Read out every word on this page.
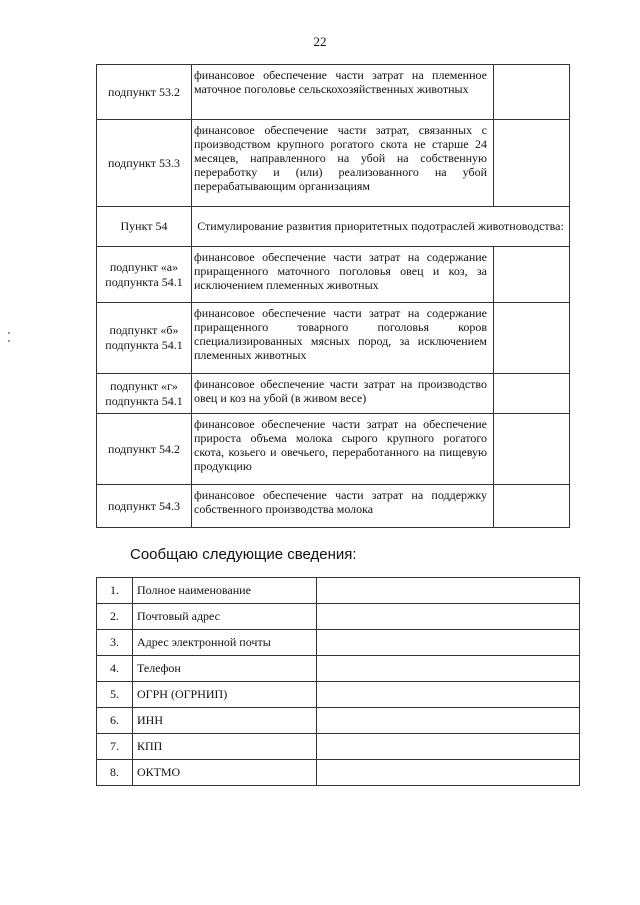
22
подпункт 53.2	финансовое обеспечение части затрат на племенное маточное поголовье сельскохозяйственных животных	
подпункт 53.3	финансовое обеспечение части затрат, связанных с производством крупного рогатого скота не старше 24 месяцев, направленного на убой на собственную переработку и (или) реализованного на убой перерабатывающим организациям	
Пункт 54	Стимулирование развития приоритетных подотраслей животноводства:	
подпункт «а» подпункта 54.1	финансовое обеспечение части затрат на содержание приращенного маточного поголовья овец и коз, за исключением племенных животных	
подпункт «б» подпункта 54.1	финансовое обеспечение части затрат на содержание приращенного товарного поголовья коров специализированных мясных пород, за исключением племенных животных	
подпункт «г» подпункта 54.1	финансовое обеспечение части затрат на производство овец и коз на убой (в живом весе)	
подпункт 54.2	финансовое обеспечение части затрат на обеспечение прироста объема молока сырого крупного рогатого скота, козьего и овечьего, переработанного на пищевую продукцию	
подпункт 54.3	финансовое обеспечение части затрат на поддержку собственного производства молока	
Сообщаю следующие сведения:
1.	Полное наименование	
2.	Почтовый адрес	
3.	Адрес электронной почты	
4.	Телефон	
5.	ОГРН (ОГРНИП)	
6.	ИНН	
7.	КПП	
8.	ОКТМО	
